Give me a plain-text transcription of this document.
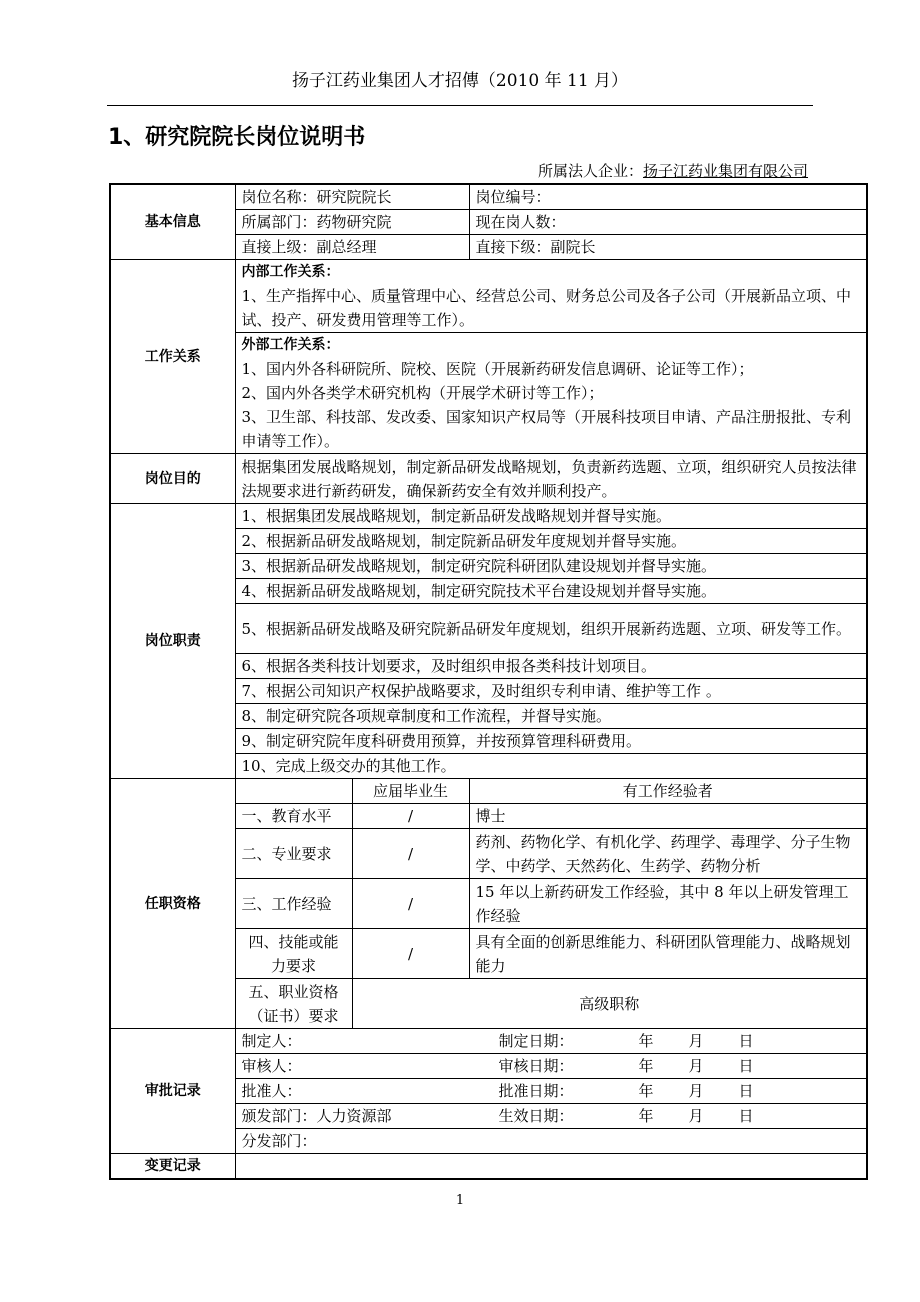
扬子江药业集团人才招傳（2010 年 11 月）
1、研究院院长岗位说明书
所属法人企业：扬子江药业集团有限公司
基本信息	岗位名称：研究院院长		岗位编号：
	所属部门：药物研究院		现在岗人数：
	直接上级：副总经理		直接下级：副院长
工作关系	内部工作关系：
1、生产指挥中心、质量管理中心、经营总公司、财务总公司及各子公司（开展新品立项、中试、投产、研发费用管理等工作）。		

	外部工作关系：
1、国内外各科研院所、院校、医院（开展新药研发信息调研、论证等工作）；
2、国内外各类学术研究机构（开展学术研讨等工作）；
3、卫生部、科技部、发改委、国家知识产权局等（开展科技项目申请、产品注册报批、专利申请等工作）。		

岗位目的	根据集团发展战略规划，制定新品研发战略规划，负责新药选题、立项，组织研究人员按法律法规要求进行新药研发，确保新药安全有效并顺利投产。		
岗位职责	1、根据集团发展战略规划，制定新品研发战略规划并督导实施。		
	2、根据新品研发战略规划，制定院新品研发年度规划并督导实施。		
	3、根据新品研发战略规划，制定研究院科研团队建设规划并督导实施。		
	4、根据新品研发战略规划，制定研究院技术平台建设规划并督导实施。		
	5、根据新品研发战略及研究院新品研发年度规划，组织开展新药选题、立项、研发等工作。		
	6、根据各类科技计划要求，及时组织申报各类科技计划项目。		
	7、根据公司知识产权保护战略要求，及时组织专利申请、维护等工作 。		
	8、制定研究院各项规章制度和工作流程，并督导实施。		
	9、制定研究院年度科研费用预算，并按预算管理科研费用。		
	10、完成上级交办的其他工作。		
任职资格		应届毕业生	有工作经验者
	一、教育水平	/	博士
	二、专业要求	/	药剂、药物化学、有机化学、药理学、毒理学、分子生物学、中药学、天然药化、生药学、药物分析
	三、工作经验	/	15 年以上新药研发工作经验，其中 8 年以上研发管理工作经验
	四、技能或能力要求	/	具有全面的创新思维能力、科研团队管理能力、战略规划能力
	五、职业资格（证书）要求	高级职称	
审批记录	制定人： 制定日期： 年 月 日		

	审核人： 审核日期： 年 月 日		

	批准人： 批准日期： 年 月 日		

	颁发部门：人力资源部 生效日期： 年 月 日		

	分发部门：		
变更记录			
1
